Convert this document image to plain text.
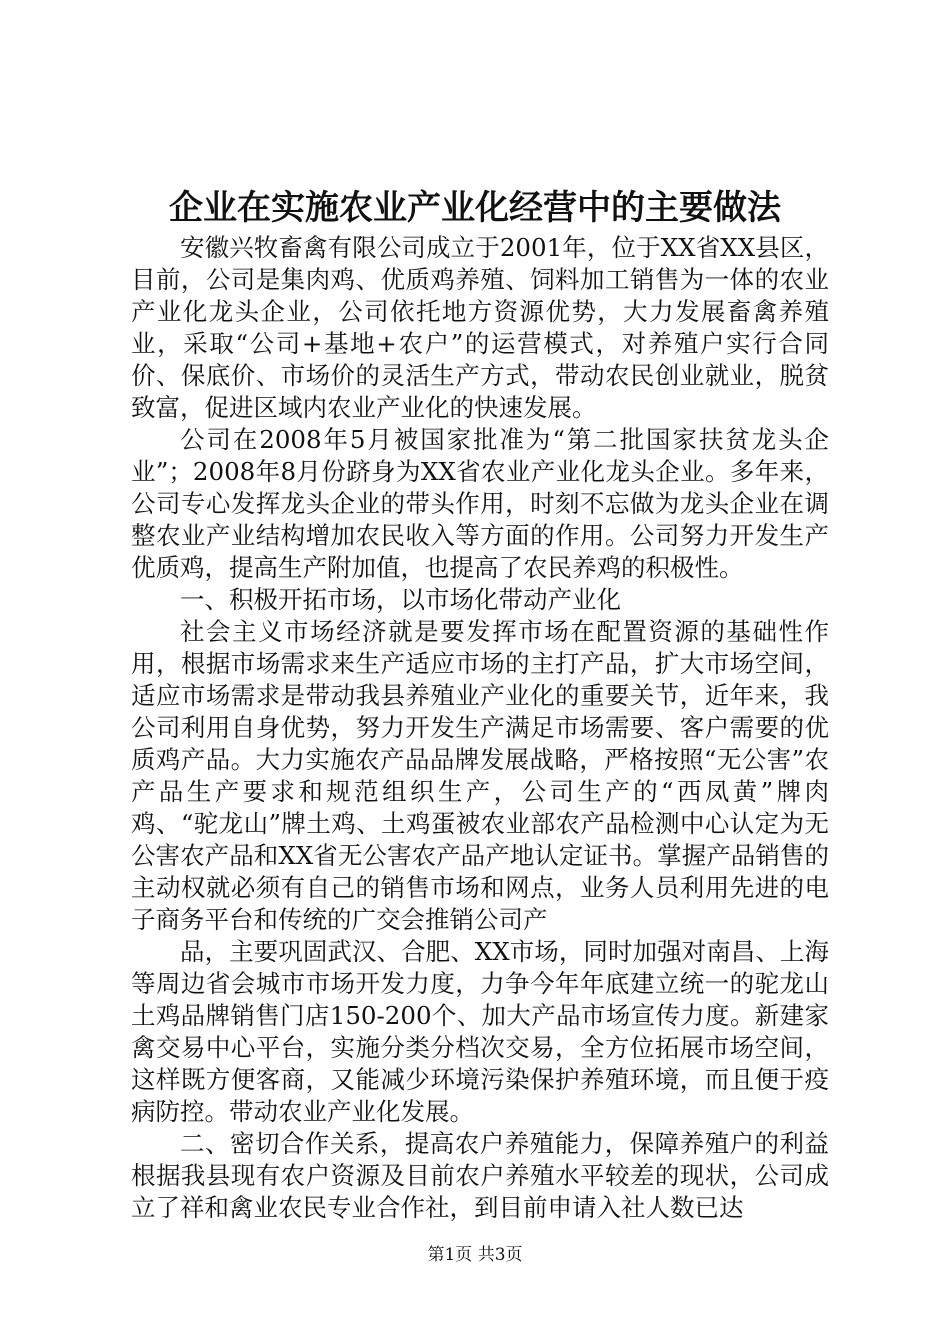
企业在实施农业产业化经营中的主要做法

安徽兴牧畜禽有限公司成立于2001年，位于XX省XX县区，目前，公司是集肉鸡、优质鸡养殖、饲料加工销售为一体的农业产业化龙头企业，公司依托地方资源优势，大力发展畜禽养殖业，采取“公司+基地+农户”的运营模式，对养殖户实行合同价、保底价、市场价的灵活生产方式，带动农民创业就业，脱贫致富，促进区域内农业产业化的快速发展。

公司在2008年5月被国家批准为“第二批国家扶贫龙头企业”；2008年8月份跻身为XX省农业产业化龙头企业。多年来，公司专心发挥龙头企业的带头作用，时刻不忘做为龙头企业在调整农业产业结构增加农民收入等方面的作用。公司努力开发生产优质鸡，提高生产附加值，也提高了农民养鸡的积极性。

一、积极开拓市场，以市场化带动产业化

社会主义市场经济就是要发挥市场在配置资源的基础性作用，根据市场需求来生产适应市场的主打产品，扩大市场空间，适应市场需求是带动我县养殖业产业化的重要关节，近年来，我公司利用自身优势，努力开发生产满足市场需要、客户需要的优质鸡产品。大力实施农产品品牌发展战略，严格按照“无公害”农产品生产要求和规范组织生产，公司生产的“西凤黄”牌肉鸡、“驼龙山”牌土鸡、土鸡蛋被农业部农产品检测中心认定为无公害农产品和XX省无公害农产品产地认定证书。掌握产品销售的主动权就必须有自己的销售市场和网点，业务人员利用先进的电子商务平台和传统的广交会推销公司产

品，主要巩固武汉、合肥、XX市场，同时加强对南昌、上海等周边省会城市市场开发力度，力争今年年底建立统一的驼龙山土鸡品牌销售门店150-200个、加大产品市场宣传力度。新建家禽交易中心平台，实施分类分档次交易，全方位拓展市场空间，这样既方便客商，又能减少环境污染保护养殖环境，而且便于疫病防控。带动农业产业化发展。

二、密切合作关系，提高农户养殖能力，保障养殖户的利益根据我县现有农户资源及目前农户养殖水平较差的现状，公司成立了祥和禽业农民专业合作社，到目前申请入社人数已达

第1页 共3页
